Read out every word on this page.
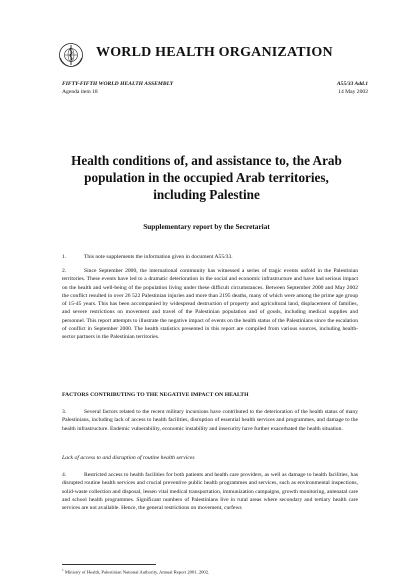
WORLD HEALTH ORGANIZATION
FIFTY-FIFTH WORLD HEALTH ASSEMBLY
Agenda item 18
A55/33 Add.1
14 May 2002
Health conditions of, and assistance to, the Arab
population in the occupied Arab territories,
including Palestine
Supplementary report by the Secretariat

1.	This note supplements the information given in document A55/33.

2.	Since September 2000, the international community has witnessed a series of tragic events unfold in the Palestinian territories. These events have led to a dramatic deterioration in the social and economic infrastructure and have had serious impact on the health and well-being of the population living under these difficult circumstances. Between September 2000 and May 2002 the conflict resulted in over 26 522 Palestinian injuries and more than 2195 deaths, many of which were among the prime age group of 15-45 years. This has been accompanied by widespread destruction of property and agricultural land, displacement of families, and severe restrictions on movement and travel of the Palestinian population and of goods, including medical supplies and personnel. This report attempts to illustrate the negative impact of events on the health status of the Palestinians since the escalation of conflict in September 2000. The health statistics presented in this report are compiled from various sources, including health-sector partners in the Palestinian territories.

FACTORS CONTRIBUTING TO THE NEGATIVE IMPACT ON HEALTH

3.	Several factors related to the recent military incursions have contributed to the deterioration of the health status of many Palestinians, including lack of access to health facilities, disruption of essential health services and programmes, and damage to the health infrastructure. Endemic vulnerability, economic instability and insecurity have further exacerbated the health situation.

Lack of access to and disruption of routine health services

4.	Restricted access to health facilities for both patients and health care providers, as well as damage to health facilities, has disrupted routine health services and crucial preventive public health programmes and services, such as environmental inspections, solid-waste collection and disposal, lessen vital medical transportation, immunization campaigns, growth monitoring, antenatal care and school health programmes. Significant numbers of Palestinians live in rural areas where secondary and tertiary health care services are not available. Hence, the general restrictions on movement, curfews

$^1$ Ministry of Health, Palestinian National Authority, Annual Report 2001, 2002.
